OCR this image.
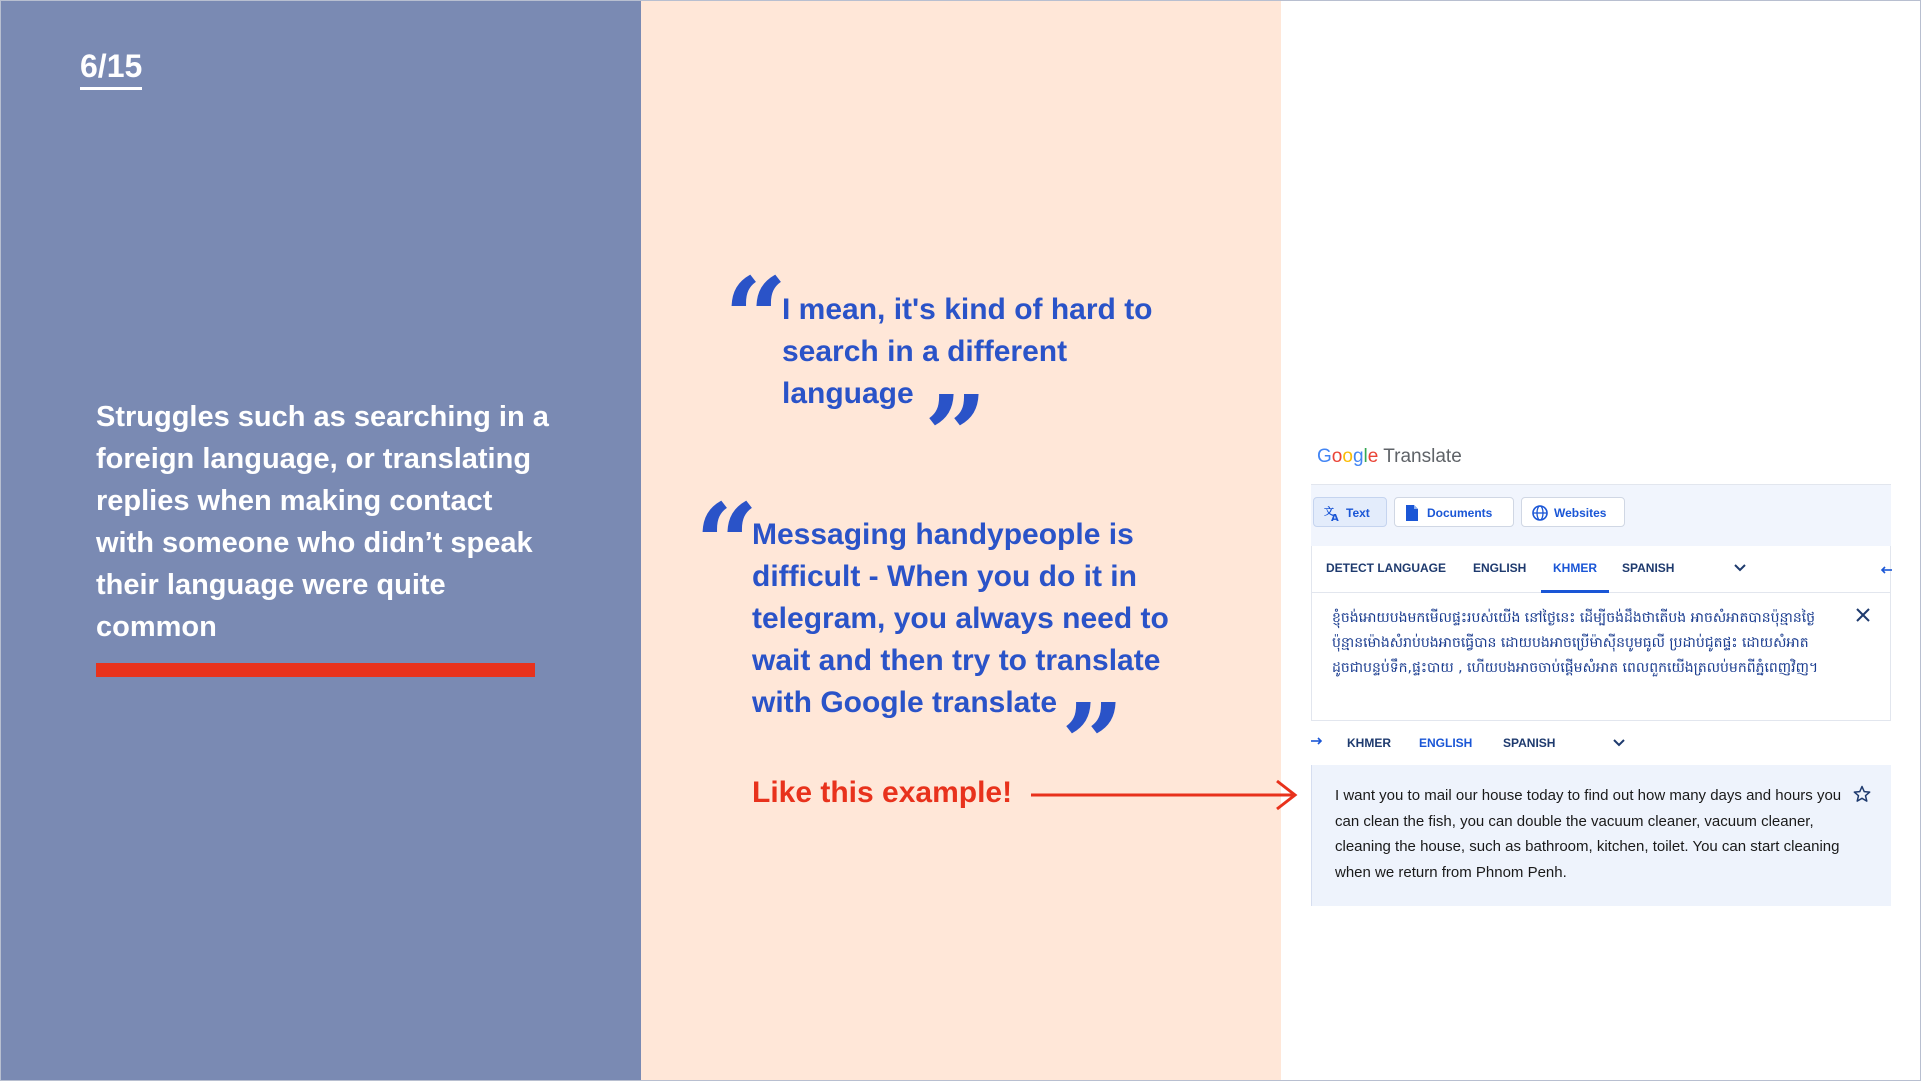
6/15
Struggles such as searching in a foreign language, or translating replies when making contact with someone who didn’t speak their language were quite common
“
I mean, it's kind of hard to search in a different language ”
“
Messaging handypeople is difficult - When you do it in telegram, you always need to wait and then try to translate with Google translate ”
Like this example!
Google Translate
文
A Text	Documents	Websites
DETECT LANGUAGE ENGLISH	KHMER	SPANISH
ខ្ញុំចង់អោយបងមកមើលផ្ទះរបស់យើង នៅថ្ងៃនេះ ដើម្បីចង់ដឹងថាតើបង អាចសំអាតបានប៉ុន្មានថ្ងៃ ប៉ុន្មានម៉ោងសំរាប់បងអាចធ្វើបាន ដោយបងអាចប្រើម៉ាស៊ីនបូមធូលី ប្រដាប់ជូតផ្ទះ ដោយសំអាតដូចជាបន្ទប់ទឹក,ផ្ទះបាយ , ហើយបងអាចចាប់ផ្តើមសំអាត ពេលពួកយើងត្រលប់មកពីភ្នំពេញវិញ។
KHMER	ENGLISH	SPANISH
I want you to mail our house today to find out how many days and hours you can clean the fish, you can double the vacuum cleaner, vacuum cleaner, cleaning the house, such as bathroom, kitchen, toilet. You can start cleaning when we return from Phnom Penh.
